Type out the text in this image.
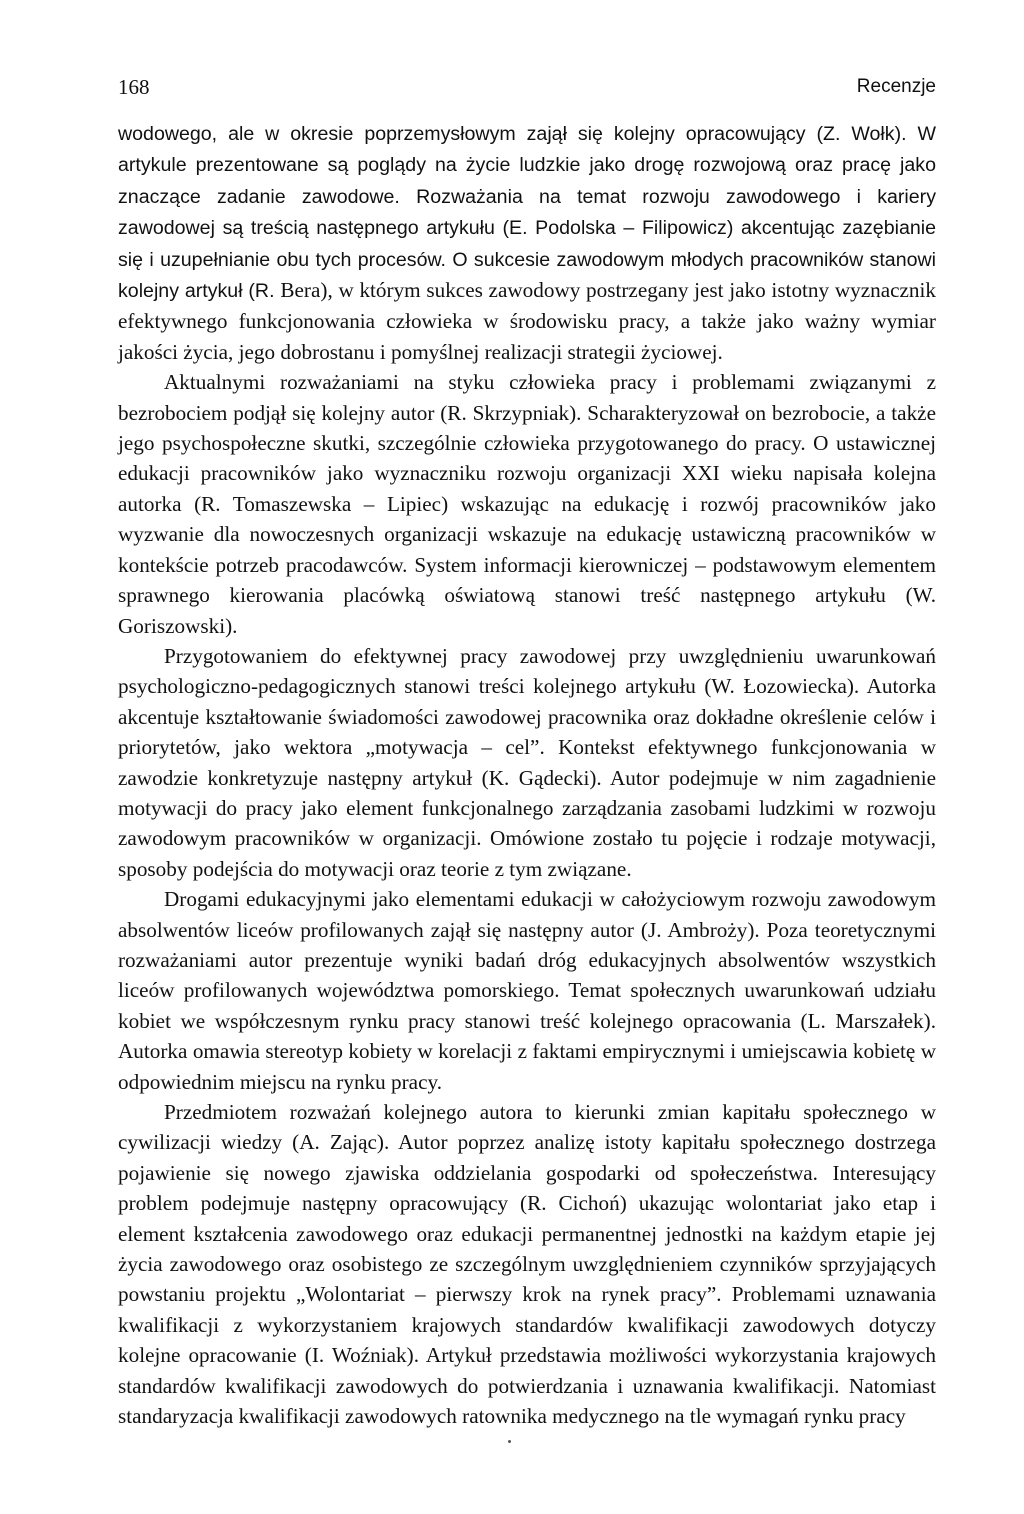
168	Recenzje

wodowego, ale w okresie poprzemysłowym zajął się kolejny opracowujący (Z. Wołk). W artykule prezentowane są poglądy na życie ludzkie jako drogę rozwojową oraz pracę jako znaczące zadanie zawodowe. Rozważania na temat rozwoju zawodowego i kariery zawodowej są treścią następnego artykułu (E. Podolska – Filipowicz) akcentując zazębianie się i uzupełnianie obu tych procesów. O sukcesie zawodowym młodych pracowników stanowi kolejny artykuł (R. Bera), w którym sukces zawodowy postrzegany jest jako istotny wyznacznik efektywnego funkcjonowania człowieka w środowisku pracy, a także jako ważny wymiar jakości życia, jego dobrostanu i pomyślnej realizacji strategii życiowej.

Aktualnymi rozważaniami na styku człowieka pracy i problemami związanymi z bezrobociem podjął się kolejny autor (R. Skrzypniak). Scharakteryzował on bezrobocie, a także jego psychospołeczne skutki, szczególnie człowieka przygotowanego do pracy. O ustawicznej edukacji pracowników jako wyznaczniku rozwoju organizacji XXI wieku napisała kolejna autorka (R. Tomaszewska – Lipiec) wskazując na edukację i rozwój pracowników jako wyzwanie dla nowoczesnych organizacji wskazuje na edukację ustawiczną pracowników w kontekście potrzeb pracodawców. System informacji kierowniczej – podstawowym elementem sprawnego kierowania placówką oświatową stanowi treść następnego artykułu (W. Goriszowski).

Przygotowaniem do efektywnej pracy zawodowej przy uwzględnieniu uwarunkowań psychologiczno-pedagogicznych stanowi treści kolejnego artykułu (W. Łozowiecka). Autorka akcentuje kształtowanie świadomości zawodowej pracownika oraz dokładne określenie celów i priorytetów, jako wektora „motywacja – cel”. Kontekst efektywnego funkcjonowania w zawodzie konkretyzuje następny artykuł (K. Gądecki). Autor podejmuje w nim zagadnienie motywacji do pracy jako element funkcjonalnego zarządzania zasobami ludzkimi w rozwoju zawodowym pracowników w organizacji. Omówione zostało tu pojęcie i rodzaje motywacji, sposoby podejścia do motywacji oraz teorie z tym związane.

Drogami edukacyjnymi jako elementami edukacji w całożyciowym rozwoju zawodowym absolwentów liceów profilowanych zajął się następny autor (J. Ambroży). Poza teoretycznymi rozważaniami autor prezentuje wyniki badań dróg edukacyjnych absolwentów wszystkich liceów profilowanych województwa pomorskiego. Temat społecznych uwarunkowań udziału kobiet we współczesnym rynku pracy stanowi treść kolejnego opracowania (L. Marszałek). Autorka omawia stereotyp kobiety w korelacji z faktami empirycznymi i umiejscawia kobietę w odpowiednim miejscu na rynku pracy.

Przedmiotem rozważań kolejnego autora to kierunki zmian kapitału społecznego w cywilizacji wiedzy (A. Zając). Autor poprzez analizę istoty kapitału społecznego dostrzega pojawienie się nowego zjawiska oddzielania gospodarki od społeczeństwa. Interesujący problem podejmuje następny opracowujący (R. Cichoń) ukazując wolontariat jako etap i element kształcenia zawodowego oraz edukacji permanentnej jednostki na każdym etapie jej życia zawodowego oraz osobistego ze szczególnym uwzględnieniem czynników sprzyjających powstaniu projektu „Wolontariat – pierwszy krok na rynek pracy”. Problemami uznawania kwalifikacji z wykorzystaniem krajowych standardów kwalifikacji zawodowych dotyczy kolejne opracowanie (I. Woźniak). Artykuł przedstawia możliwości wykorzystania krajowych standardów kwalifikacji zawodowych do potwierdzania i uznawania kwalifikacji. Natomiast standaryzacja kwalifikacji zawodowych ratownika medycznego na tle wymagań rynku pracy
